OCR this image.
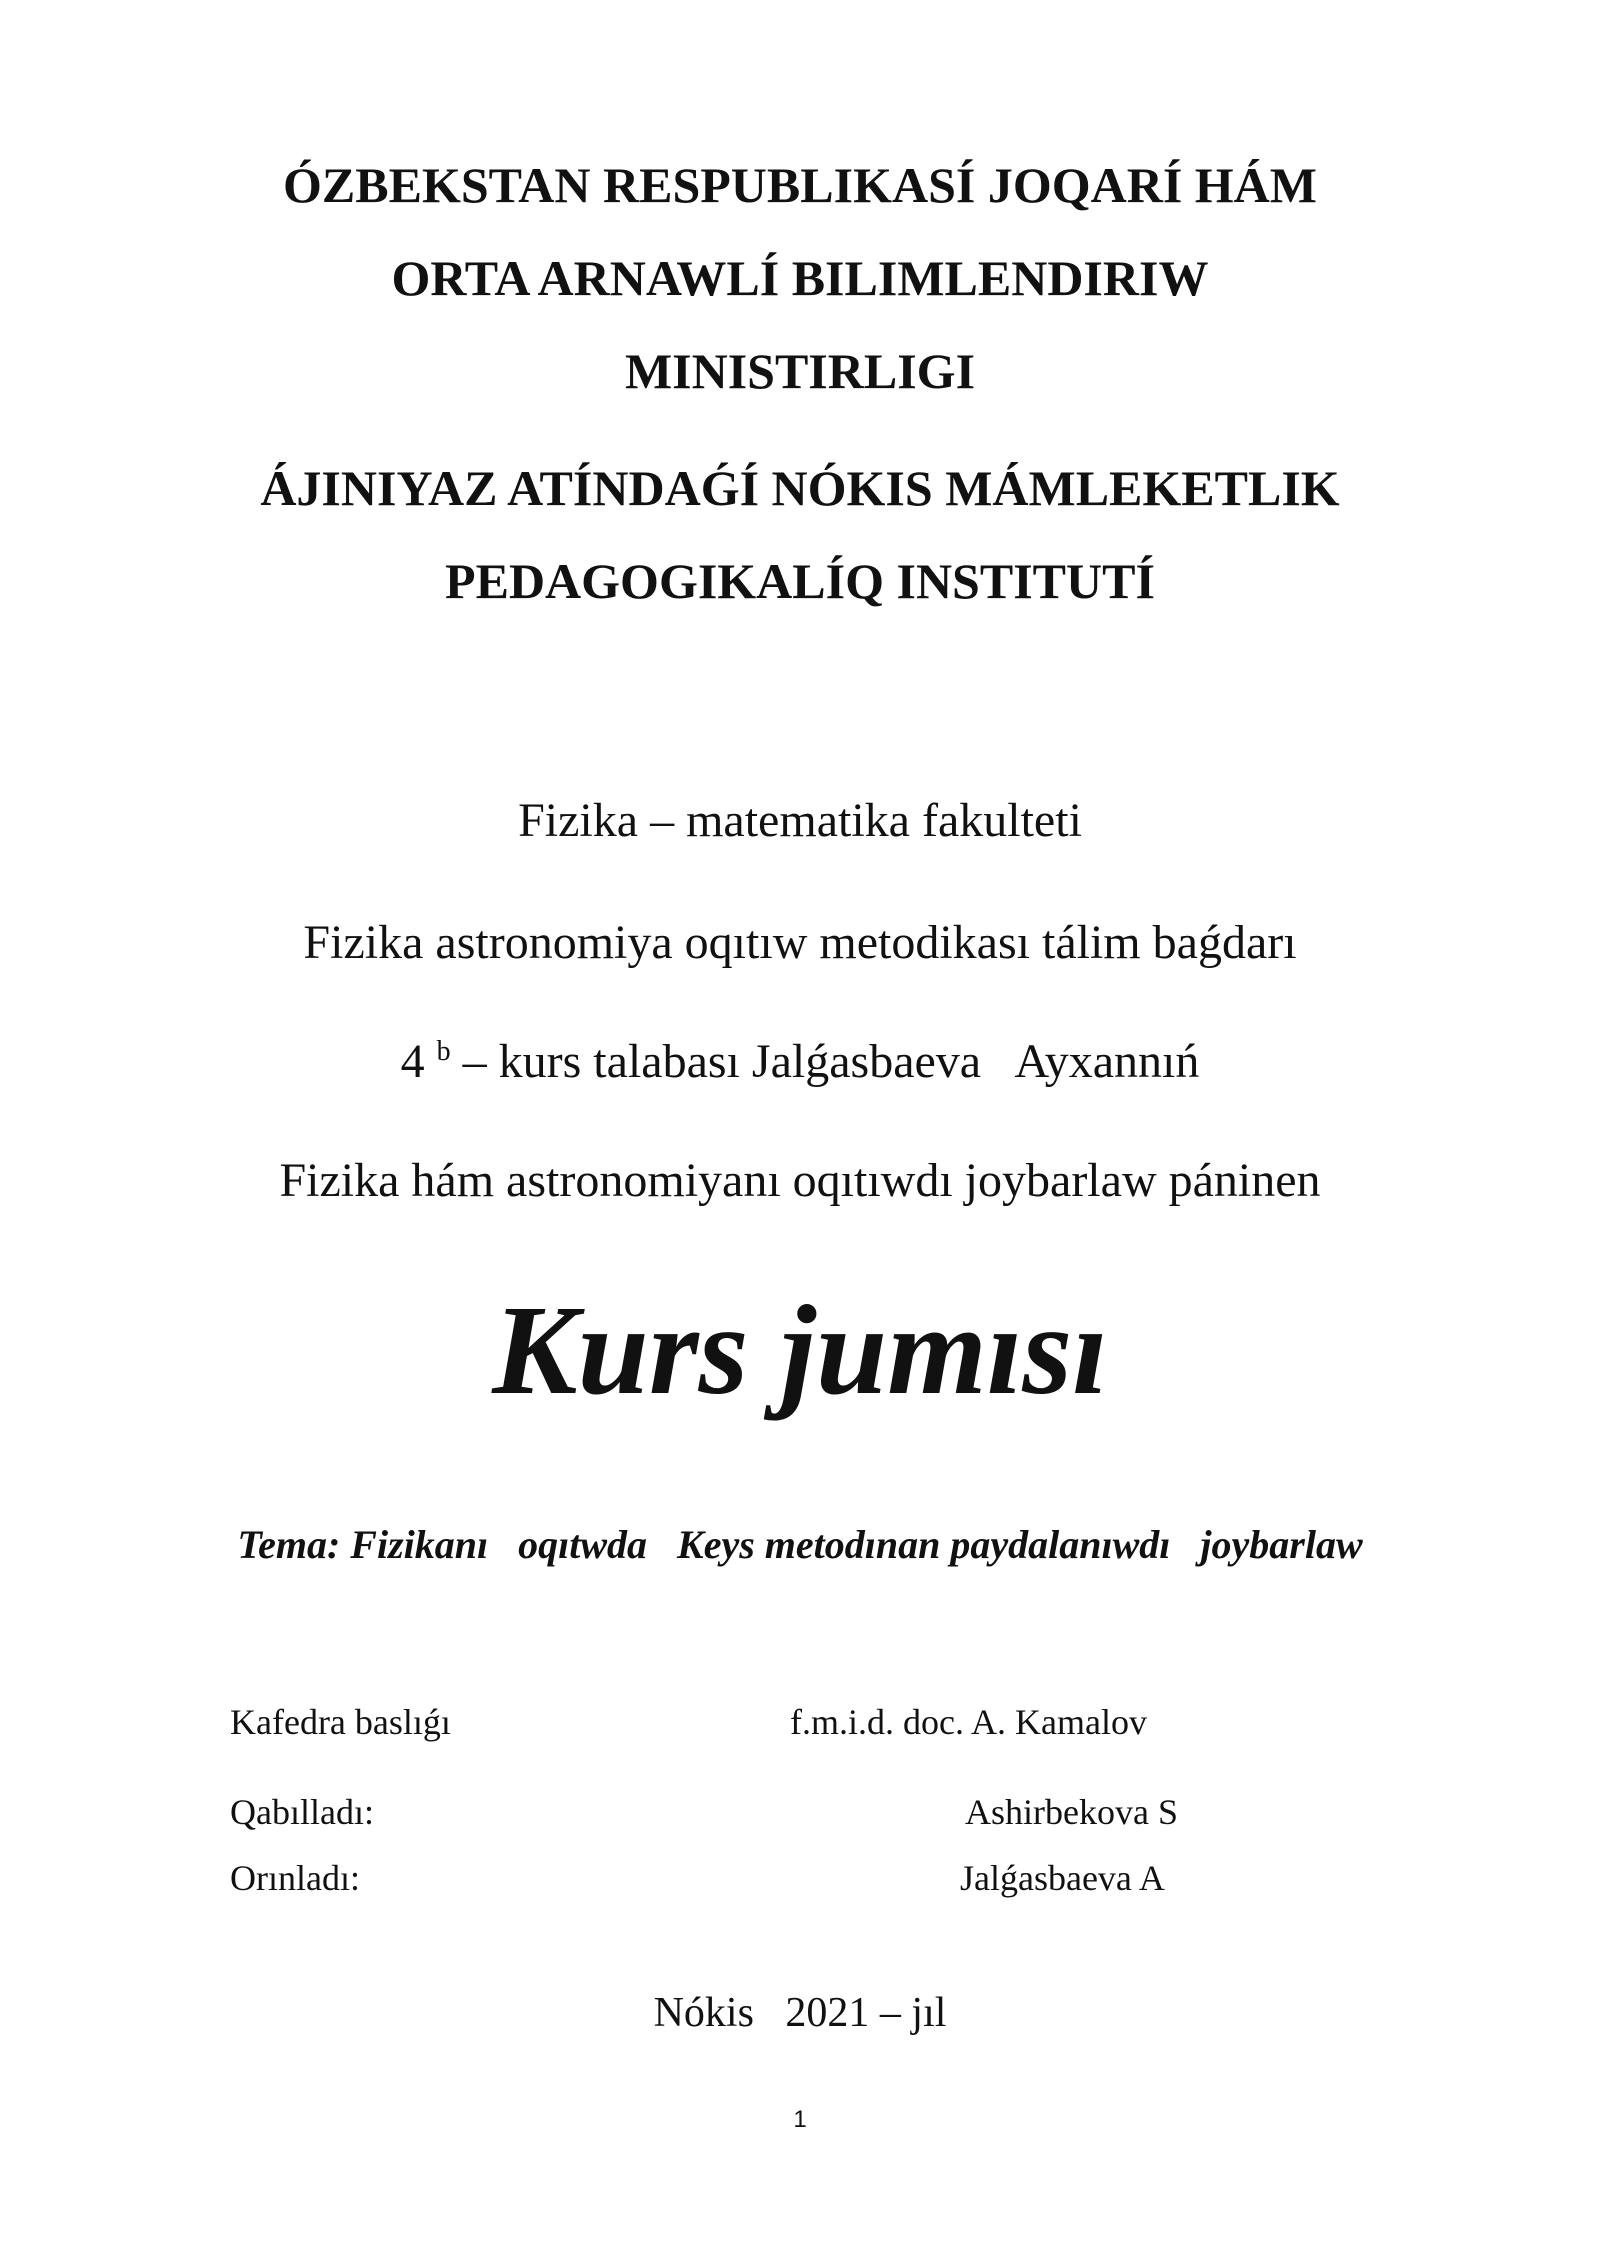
ÓZBEKSTAN RESPUBLIKASÍ JOQARÍ HÁM
ORTA ARNAWLÍ BILIMLENDIRIW
MINISTIRLIGI
ÁJINIYAZ ATÍNDAǴÍ NÓKIS MÁMLEKETLIK
PEDAGOGIKALÍQ INSTITUTÍ
Fizika – matematika fakulteti
Fizika astronomiya oqıtıw metodikası tálim baǵdarı
4 $^b$ – kurs talabası Jalǵasbaeva   Ayxannıń
Fizika hám astronomiyanı oqıtıwdı joybarlaw páninen
Kurs jumısı
Tema: Fizikanı   oqıtwda   Keys metodınan paydalanıwdı   joybarlaw
Kafedra baslıǵı	f.m.i.d. doc. A. Kamalov
Qabılladı:	Ashirbekova S
Orınladı:	Jalǵasbaeva A
Nókis   2021 – jıl
1
